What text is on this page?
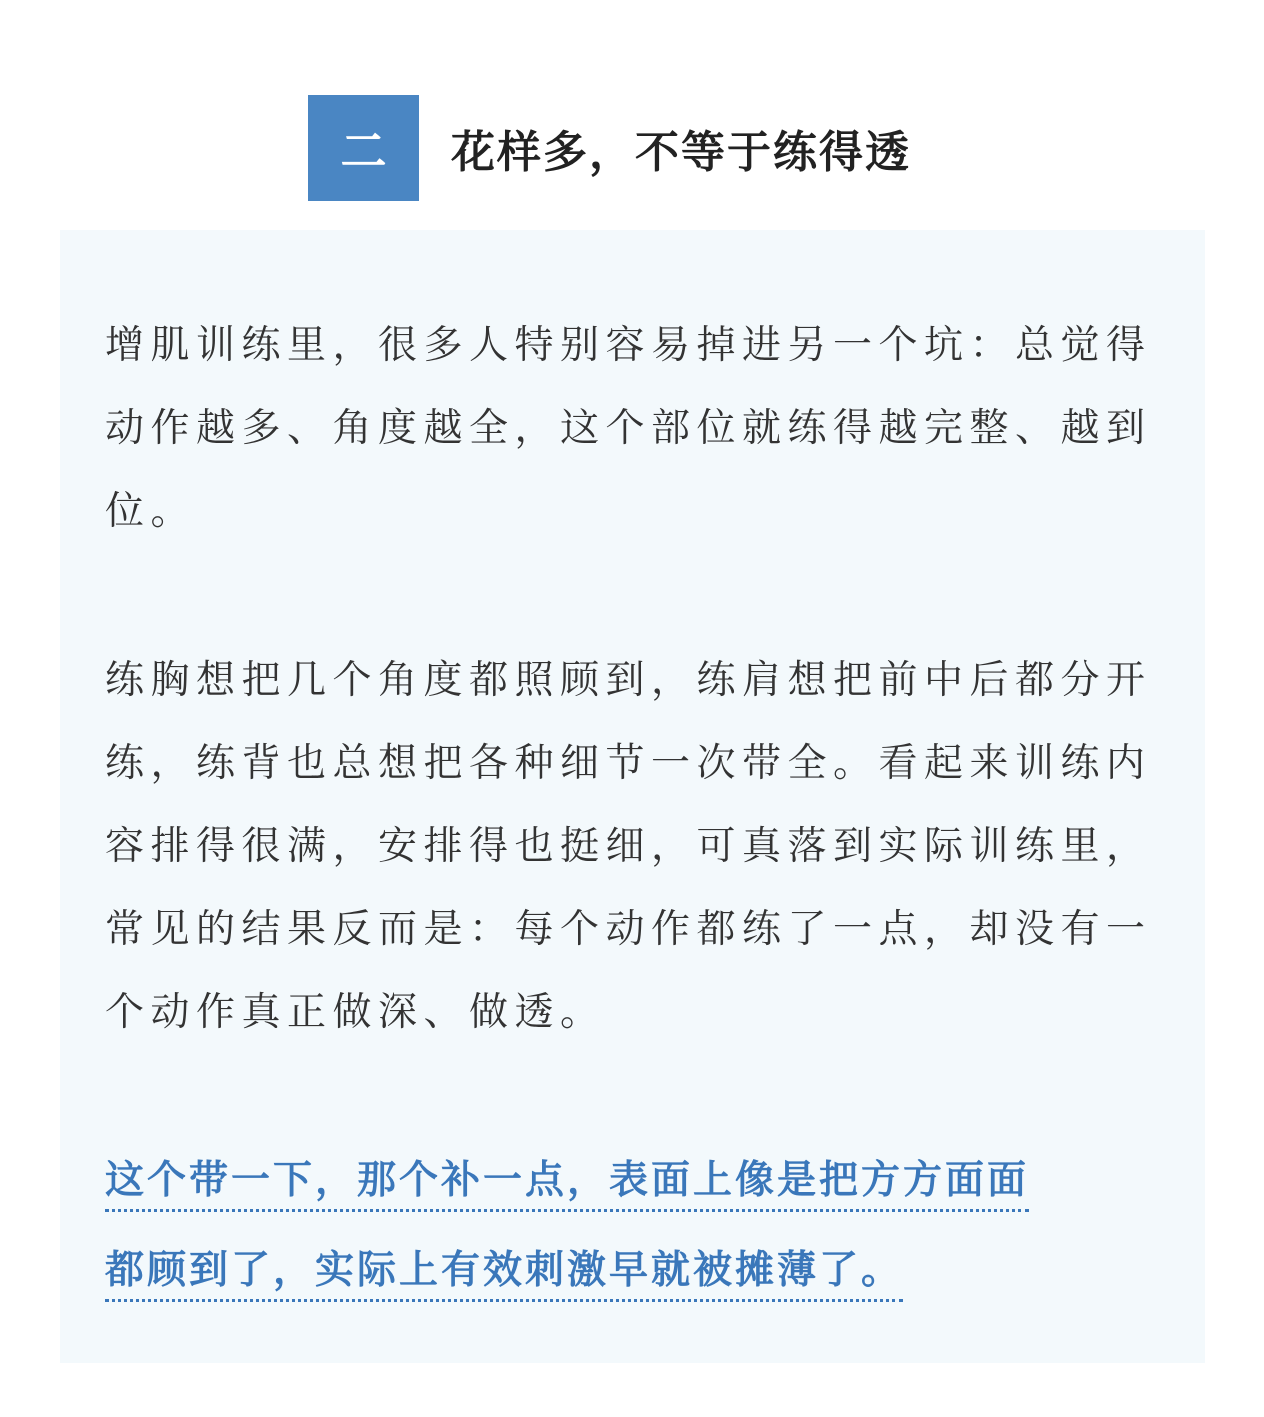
二	花样多，不等于练得透

增肌训练里，很多人特别容易掉进另一个坑：总觉得动作越多、角度越全，这个部位就练得越完整、越到位。

练胸想把几个角度都照顾到，练肩想把前中后都分开练，练背也总想把各种细节一次带全。看起来训练内容排得很满，安排得也挺细，可真落到实际训练里，常见的结果反而是：每个动作都练了一点，却没有一个动作真正做深、做透。

这个带一下，那个补一点，表面上像是把方方面面
都顾到了，实际上有效刺激早就被摊薄了。
